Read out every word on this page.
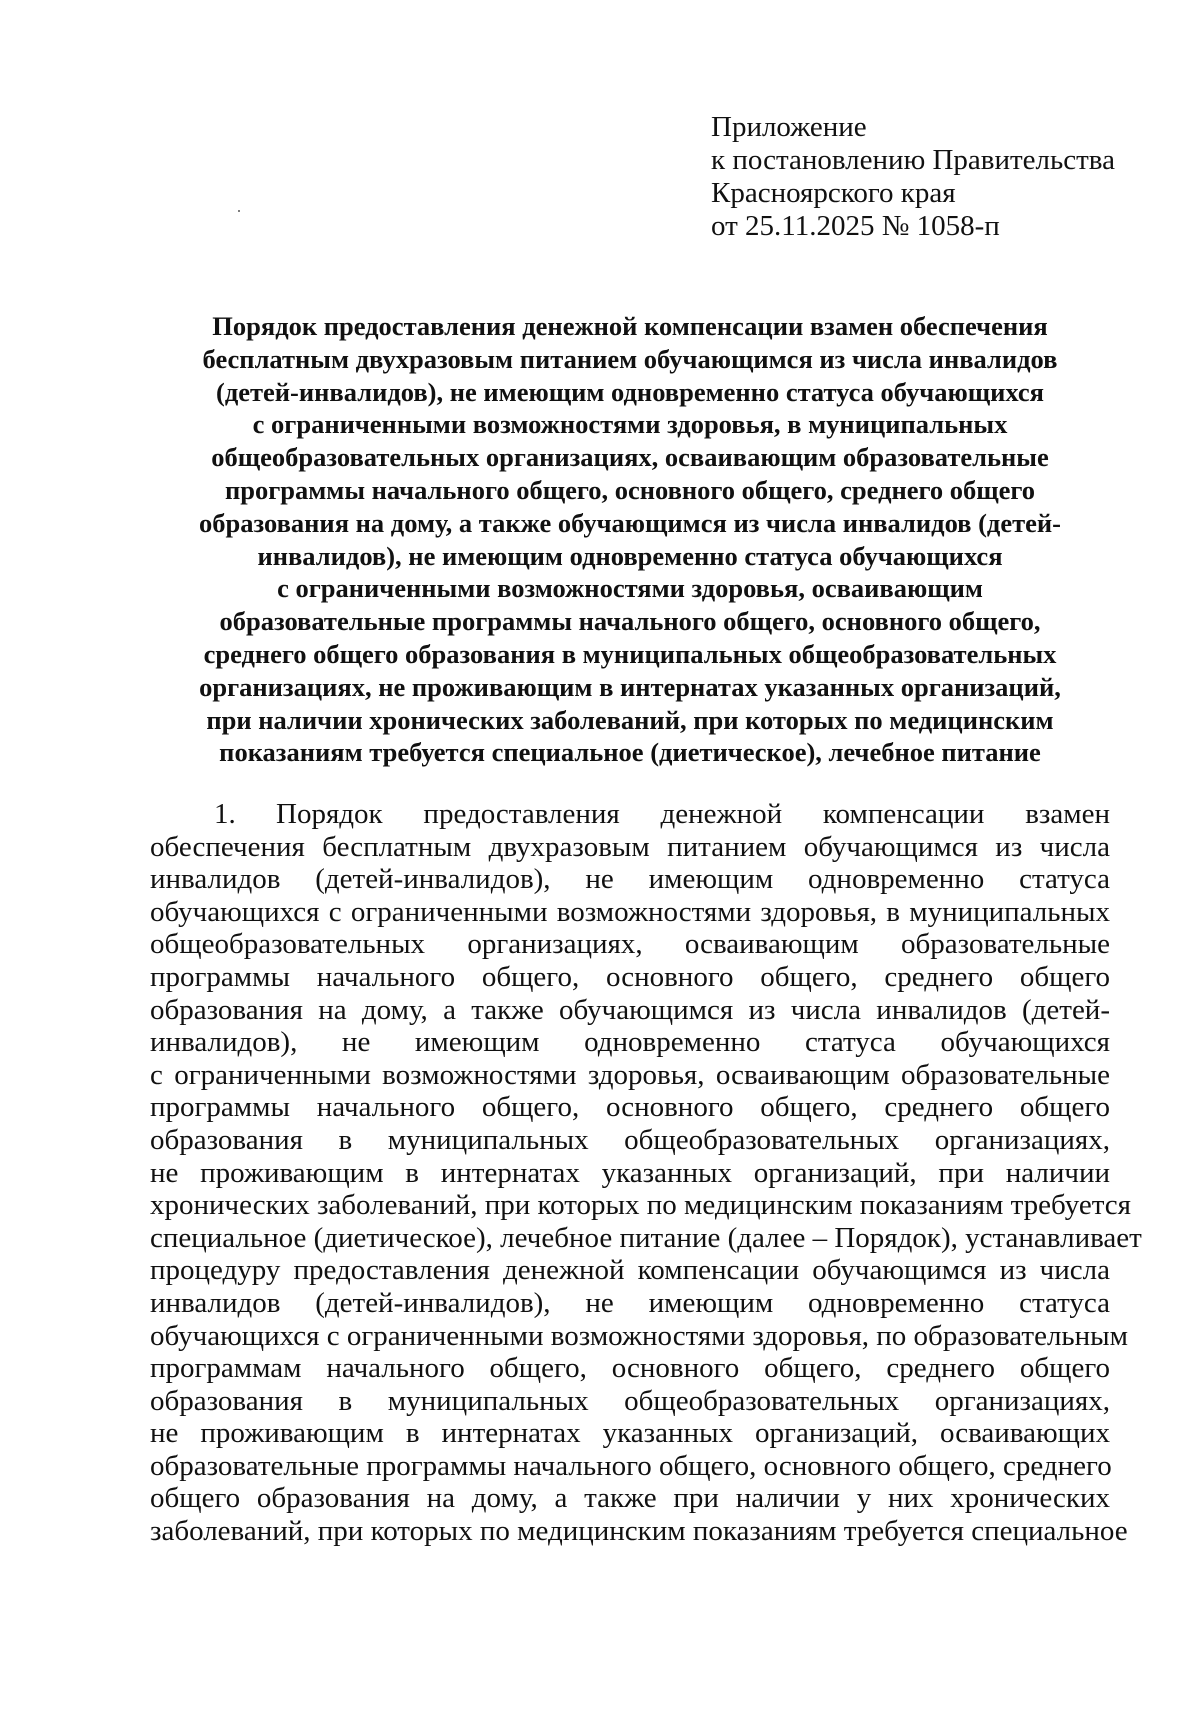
Приложение
к постановлению Правительства
Красноярского края
от 25.11.2025 № 1058-п
Порядок предоставления денежной компенсации взамен обеспечения
бесплатным двухразовым питанием обучающимся из числа инвалидов
(детей-инвалидов), не имеющим одновременно статуса обучающихся
с ограниченными возможностями здоровья, в муниципальных
общеобразовательных организациях, осваивающим образовательные
программы начального общего, основного общего, среднего общего
образования на дому, а также обучающимся из числа инвалидов (детей-
инвалидов), не имеющим одновременно статуса обучающихся
с ограниченными возможностями здоровья, осваивающим
образовательные программы начального общего, основного общего,
среднего общего образования в муниципальных общеобразовательных
организациях, не проживающим в интернатах указанных организаций,
при наличии хронических заболеваний, при которых по медицинским
показаниям требуется специальное (диетическое), лечебное питание
1. Порядок предоставления денежной компенсации взамен
обеспечения бесплатным двухразовым питанием обучающимся из числа
инвалидов (детей-инвалидов), не имеющим одновременно статуса
обучающихся с ограниченными возможностями здоровья, в муниципальных
общеобразовательных организациях, осваивающим образовательные
программы начального общего, основного общего, среднего общего
образования на дому, а также обучающимся из числа инвалидов (детей-
инвалидов), не имеющим одновременно статуса обучающихся
с ограниченными возможностями здоровья, осваивающим образовательные
программы начального общего, основного общего, среднего общего
образования в муниципальных общеобразовательных организациях,
не проживающим в интернатах указанных организаций, при наличии
хронических заболеваний, при которых по медицинским показаниям требуется
специальное (диетическое), лечебное питание (далее – Порядок), устанавливает
процедуру предоставления денежной компенсации обучающимся из числа
инвалидов (детей-инвалидов), не имеющим одновременно статуса
обучающихся с ограниченными возможностями здоровья, по образовательным
программам начального общего, основного общего, среднего общего
образования в муниципальных общеобразовательных организациях,
не проживающим в интернатах указанных организаций, осваивающих
образовательные программы начального общего, основного общего, среднего
общего образования на дому, а также при наличии у них хронических
заболеваний, при которых по медицинским показаниям требуется специальное
